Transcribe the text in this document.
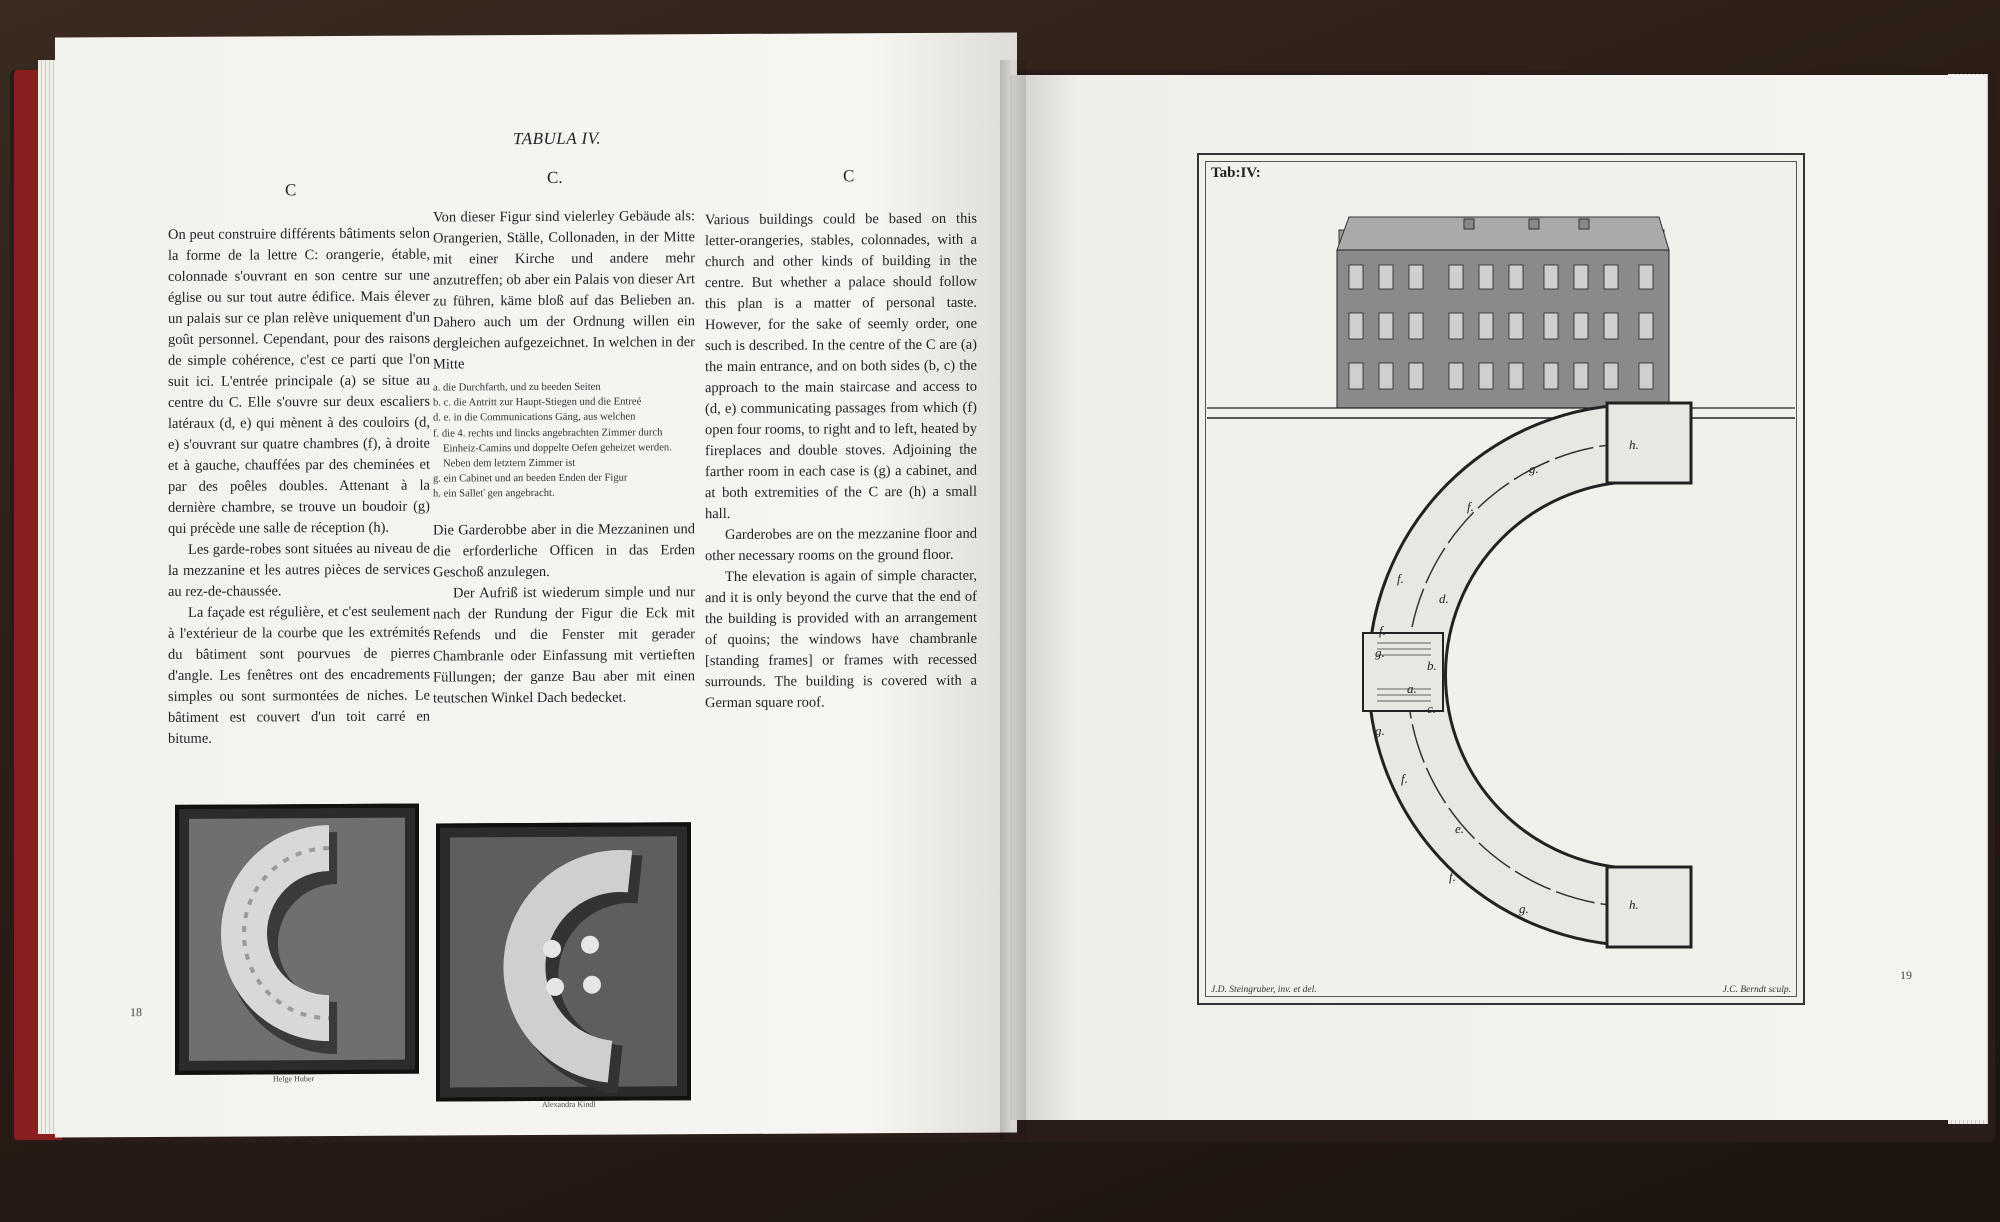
TABULA IV.
C
C.	C

On peut construire différents bâtiments selon la forme de la lettre C: orangerie, étable, colonnade s'ouvrant en son centre sur une église ou sur tout autre édifice. Mais élever un palais sur ce plan relève uniquement d'un goût personnel. Cependant, pour des raisons de simple cohérence, c'est ce parti que l'on suit ici. L'entrée principale (a) se situe au centre du C. Elle s'ouvre sur deux escaliers latéraux (d, e) qui mènent à des couloirs (d, e) s'ouvrant sur quatre chambres (f), à droite et à gauche, chauffées par des cheminées et par des poêles doubles. Attenant à la dernière chambre, se trouve un boudoir (g) qui précède une salle de réception (h).

Les garde-robes sont situées au niveau de la mezzanine et les autres pièces de services au rez-de-chaussée.

La façade est régulière, et c'est seulement à l'extérieur de la courbe que les extrémités du bâtiment sont pourvues de pierres d'angle. Les fenêtres ont des encadrements simples ou sont surmontées de niches. Le bâtiment est couvert d'un toit carré en bitume.

Von dieser Figur sind vielerley Gebäude als: Orangerien, Ställe, Collonaden, in der Mitte mit einer Kirche und andere mehr anzutreffen; ob aber ein Palais von dieser Art zu führen, käme bloß auf das Belieben an. Dahero auch um der Ordnung willen ein dergleichen aufgezeichnet. In welchen in der Mitte

a. die Durchfarth, und zu beeden Seiten
b. c. die Antritt zur Haupt-Stiegen und die Entreé
d. e. in die Communications Gäng, aus welchen
f. die 4. rechts und lincks angebrachten Zimmer durch Einheiz-Camins und doppelte Oefen geheizet werden. Neben dem letztern Zimmer ist
g. ein Cabinet und an beeden Enden der Figur
h. ein Salleť gen angebracht.

Die Garderobbe aber in die Mezzaninen und die erforderliche Officen in das Erden Geschoß anzulegen.

Der Aufriß ist wiederum simple und nur nach der Rundung der Figur die Eck mit Refends und die Fenster mit gerader Chambranle oder Einfassung mit vertieften Füllungen; der ganze Bau aber mit einen teutschen Winkel Dach bedecket.

Various buildings could be based on this letter-orangeries, stables, colonnades, with a church and other kinds of building in the centre. But whether a palace should follow this plan is a matter of personal taste. However, for the sake of seemly order, one such is described. In the centre of the C are (a) the main entrance, and on both sides (b, c) the approach to the main staircase and access to (d, e) communicating passages from which (f) open four rooms, to right and to left, heated by fireplaces and double stoves. Adjoining the farther room in each case is (g) a cabinet, and at both extremities of the C are (h) a small hall.

Garderobes are on the mezzanine floor and other necessary rooms on the ground floor.

The elevation is again of simple character, and it is only beyond the curve that the end of the building is provided with an arrangement of quoins; the windows have chambranle [standing frames] or frames with recessed surrounds. The building is covered with a German square roof.

Helge Huber
Alexandra Kindl
18
19
Tab:IV:
g.
h.
f.
f.
f.
g.
b.
a.
c.
g.
f.
e.
f.
g.	h.
d.
J.D. Steingruber, inv. et del.	J.C. Berndt sculp.
